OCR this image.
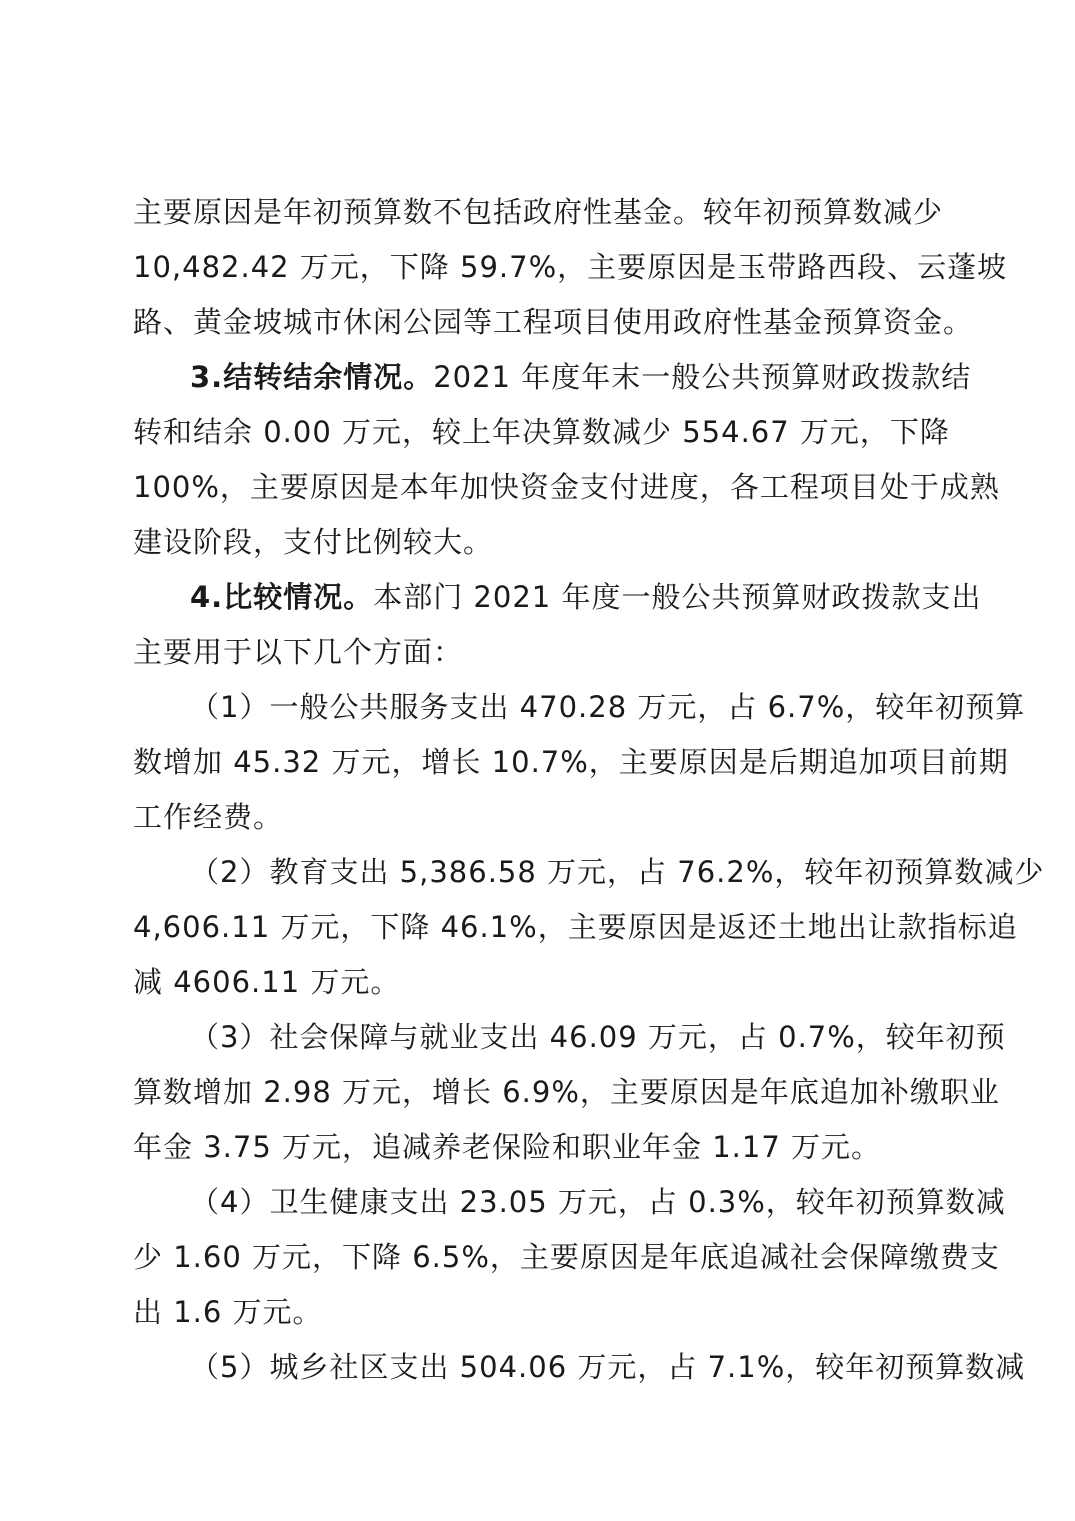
主要原因是年初预算数不包括政府性基金。较年初预算数减少
10,482.42 万元，下降 59.7%，主要原因是玉带路西段、云蓬坡
路、黄金坡城市休闲公园等工程项目使用政府性基金预算资金。
3.结转结余情况。2021 年度年末一般公共预算财政拨款结
转和结余 0.00 万元，较上年决算数减少 554.67 万元，下降
100%，主要原因是本年加快资金支付进度，各工程项目处于成熟
建设阶段，支付比例较大。
4.比较情况。本部门 2021 年度一般公共预算财政拨款支出
主要用于以下几个方面：
（1）一般公共服务支出 470.28 万元，占 6.7%，较年初预算
数增加 45.32 万元，增长 10.7%，主要原因是后期追加项目前期
工作经费。
（2）教育支出 5,386.58 万元，占 76.2%，较年初预算数减少
4,606.11 万元，下降 46.1%，主要原因是返还土地出让款指标追
减 4606.11 万元。
（3）社会保障与就业支出 46.09 万元，占 0.7%，较年初预
算数增加 2.98 万元，增长 6.9%，主要原因是年底追加补缴职业
年金 3.75 万元，追减养老保险和职业年金 1.17 万元。
（4）卫生健康支出 23.05 万元，占 0.3%，较年初预算数减
少 1.60 万元，下降 6.5%，主要原因是年底追减社会保障缴费支
出 1.6 万元。
（5）城乡社区支出 504.06 万元，占 7.1%，较年初预算数减
